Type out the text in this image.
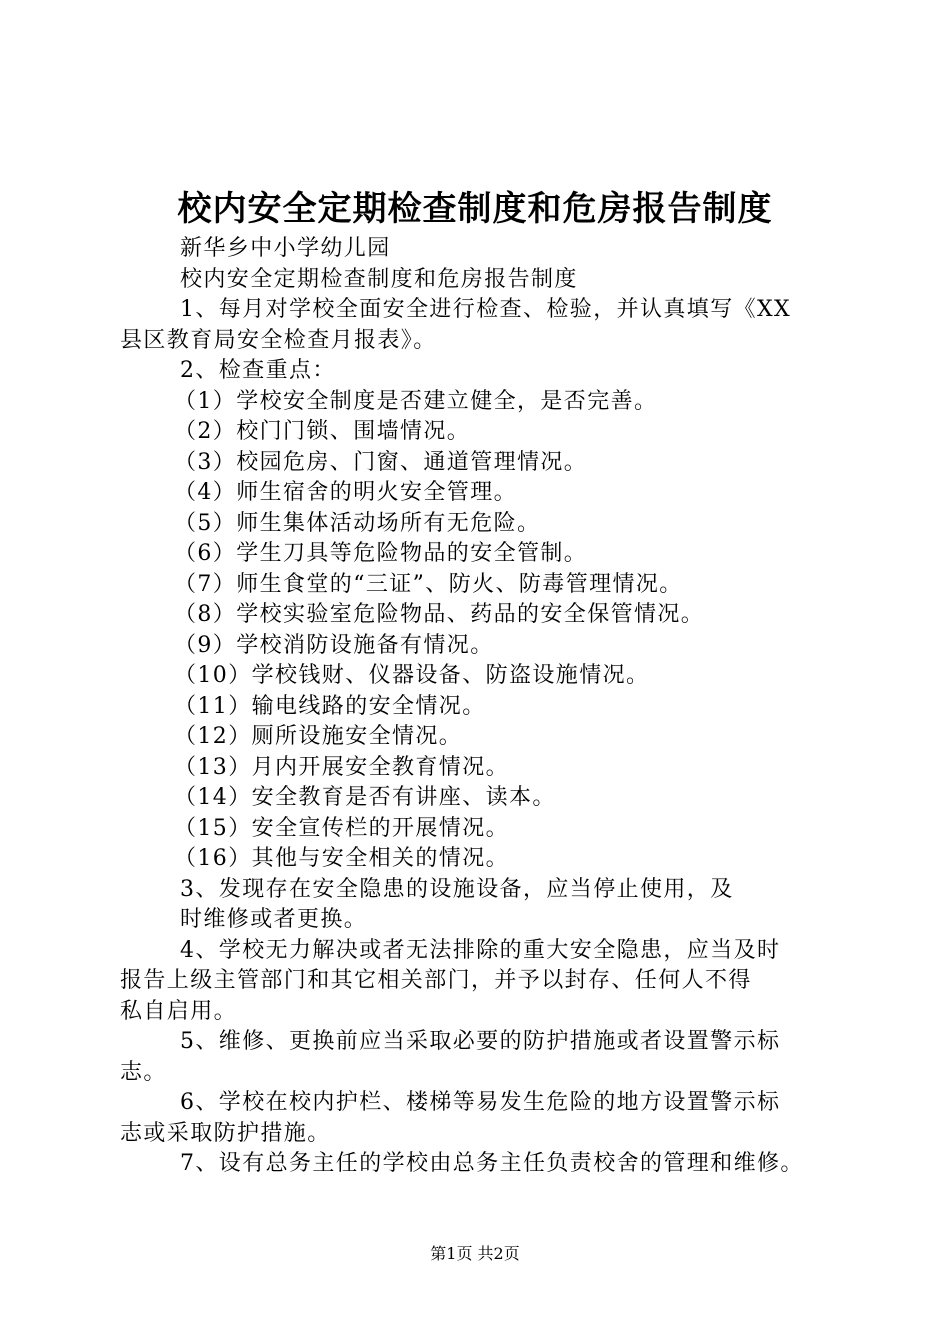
校内安全定期检查制度和危房报告制度

新华乡中小学幼儿园

校内安全定期检查制度和危房报告制度

1、每月对学校全面安全进行检查、检验，并认真填写《XX

县区教育局安全检查月报表》。

2、检查重点：

（1）学校安全制度是否建立健全，是否完善。

（2）校门门锁、围墙情况。

（3）校园危房、门窗、通道管理情况。

（4）师生宿舍的明火安全管理。

（5）师生集体活动场所有无危险。

（6）学生刀具等危险物品的安全管制。

（7）师生食堂的“三证”、防火、防毒管理情况。

（8）学校实验室危险物品、药品的安全保管情况。

（9）学校消防设施备有情况。

（10）学校钱财、仪器设备、防盗设施情况。

（11）输电线路的安全情况。

（12）厕所设施安全情况。

（13）月内开展安全教育情况。

（14）安全教育是否有讲座、读本。

（15）安全宣传栏的开展情况。

（16）其他与安全相关的情况。

3、发现存在安全隐患的设施设备，应当停止使用，及

时维修或者更换。

4、学校无力解决或者无法排除的重大安全隐患，应当及时

报告上级主管部门和其它相关部门，并予以封存、任何人不得

私自启用。

5、维修、更换前应当采取必要的防护措施或者设置警示标

志。

6、学校在校内护栏、楼梯等易发生危险的地方设置警示标

志或采取防护措施。

7、设有总务主任的学校由总务主任负责校舍的管理和维修。

第1页 共2页
